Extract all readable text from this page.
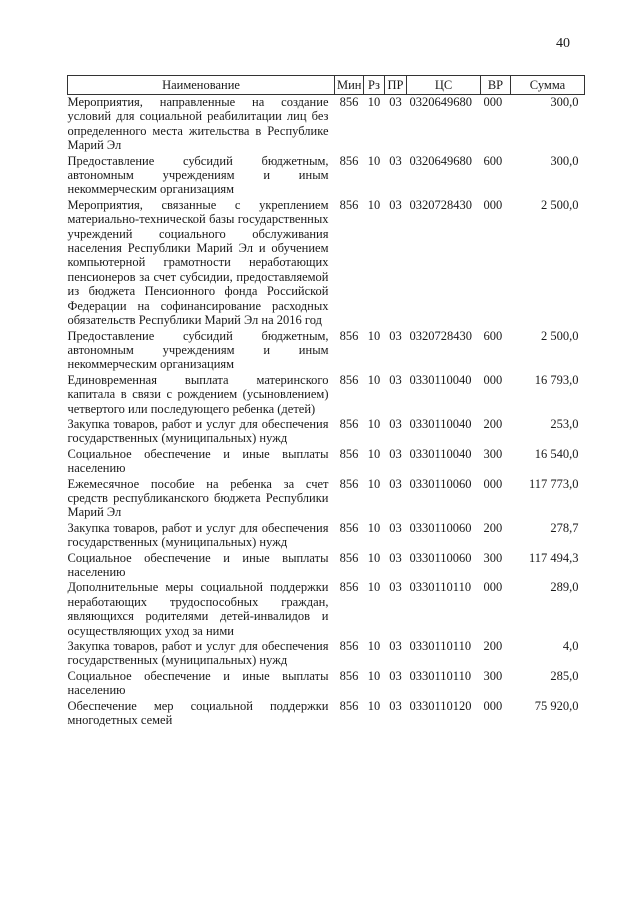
40
Наименование	Мин	Рз	ПР	ЦС	ВР	Сумма
Мероприятия, направленные на создание условий для социальной реабилитации лиц без определенного места жительства в Республике Марий Эл	856	10	03	0320649680	000	300,0
Предоставление субсидий бюджетным, автономным учреждениям и иным некоммерческим организациям	856	10	03	0320649680	600	300,0
Мероприятия, связанные с укреплением материально-технической базы государственных учреждений социального обслуживания населения Республики Марий Эл и обучением компьютерной грамотности неработающих пенсионеров за счет субсидии, предоставляемой из бюджета Пенсионного фонда Российской Федерации на софинансирование расходных обязательств Республики Марий Эл на 2016 год	856	10	03	0320728430	000	2 500,0
Предоставление субсидий бюджетным, автономным учреждениям и иным некоммерческим организациям	856	10	03	0320728430	600	2 500,0
Единовременная выплата материнского капитала в связи с рождением (усыновлением) четвертого или последующего ребенка (детей)	856	10	03	0330110040	000	16 793,0
Закупка товаров, работ и услуг для обеспечения государственных (муниципальных) нужд	856	10	03	0330110040	200	253,0
Социальное обеспечение и иные выплаты населению	856	10	03	0330110040	300	16 540,0
Ежемесячное пособие на ребенка за счет средств республиканского бюджета Республики Марий Эл	856	10	03	0330110060	000	117 773,0
Закупка товаров, работ и услуг для обеспечения государственных (муниципальных) нужд	856	10	03	0330110060	200	278,7
Социальное обеспечение и иные выплаты населению	856	10	03	0330110060	300	117 494,3
Дополнительные меры социальной поддержки неработающих трудоспособных граждан, являющихся родителями детей-инвалидов и осуществляющих уход за ними	856	10	03	0330110110	000	289,0
Закупка товаров, работ и услуг для обеспечения государственных (муниципальных) нужд	856	10	03	0330110110	200	4,0
Социальное обеспечение и иные выплаты населению	856	10	03	0330110110	300	285,0
Обеспечение мер социальной поддержки многодетных семей	856	10	03	0330110120	000	75 920,0
